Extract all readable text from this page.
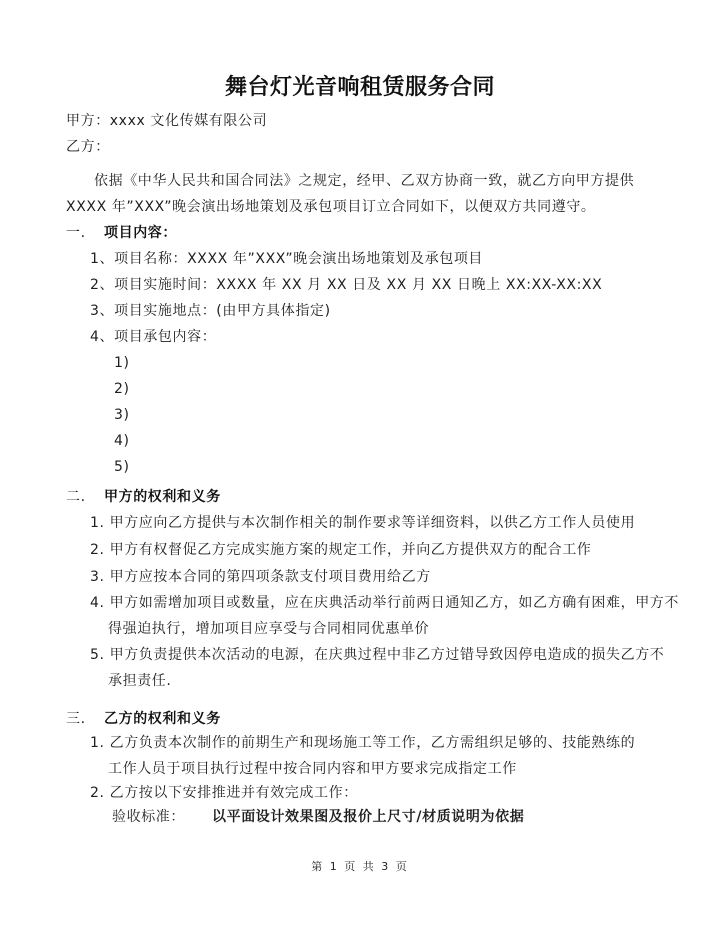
舞台灯光音响租赁服务合同
甲方：xxxx 文化传媒有限公司
乙方：
依据《中华人民共和国合同法》之规定，经甲、乙双方协商一致，就乙方向甲方提供
XXXX 年”XXX”晚会演出场地策划及承包项目订立合同如下，以便双方共同遵守。
一. 项目内容：
1、项目名称：XXXX 年”XXX”晚会演出场地策划及承包项目
2、项目实施时间：XXXX 年 XX 月 XX 日及 XX 月 XX 日晚上 XX:XX-XX:XX
3、项目实施地点：(由甲方具体指定)
4、项目承包内容：
1)
2)
3)
4)
5)
二. 甲方的权利和义务
1. 甲方应向乙方提供与本次制作相关的制作要求等详细资料，以供乙方工作人员使用
2. 甲方有权督促乙方完成实施方案的规定工作，并向乙方提供双方的配合工作
3. 甲方应按本合同的第四项条款支付项目费用给乙方
4. 甲方如需增加项目或数量，应在庆典活动举行前两日通知乙方，如乙方确有困难，甲方不
得强迫执行，增加项目应享受与合同相同优惠单价
5. 甲方负责提供本次活动的电源，在庆典过程中非乙方过错导致因停电造成的损失乙方不
承担责任.
三. 乙方的权利和义务
1. 乙方负责本次制作的前期生产和现场施工等工作，乙方需组织足够的、技能熟练的
工作人员于项目执行过程中按合同内容和甲方要求完成指定工作
2. 乙方按以下安排推进并有效完成工作：
验收标准： 以平面设计效果图及报价上尺寸/材质说明为依据
第 1 页 共 3 页
